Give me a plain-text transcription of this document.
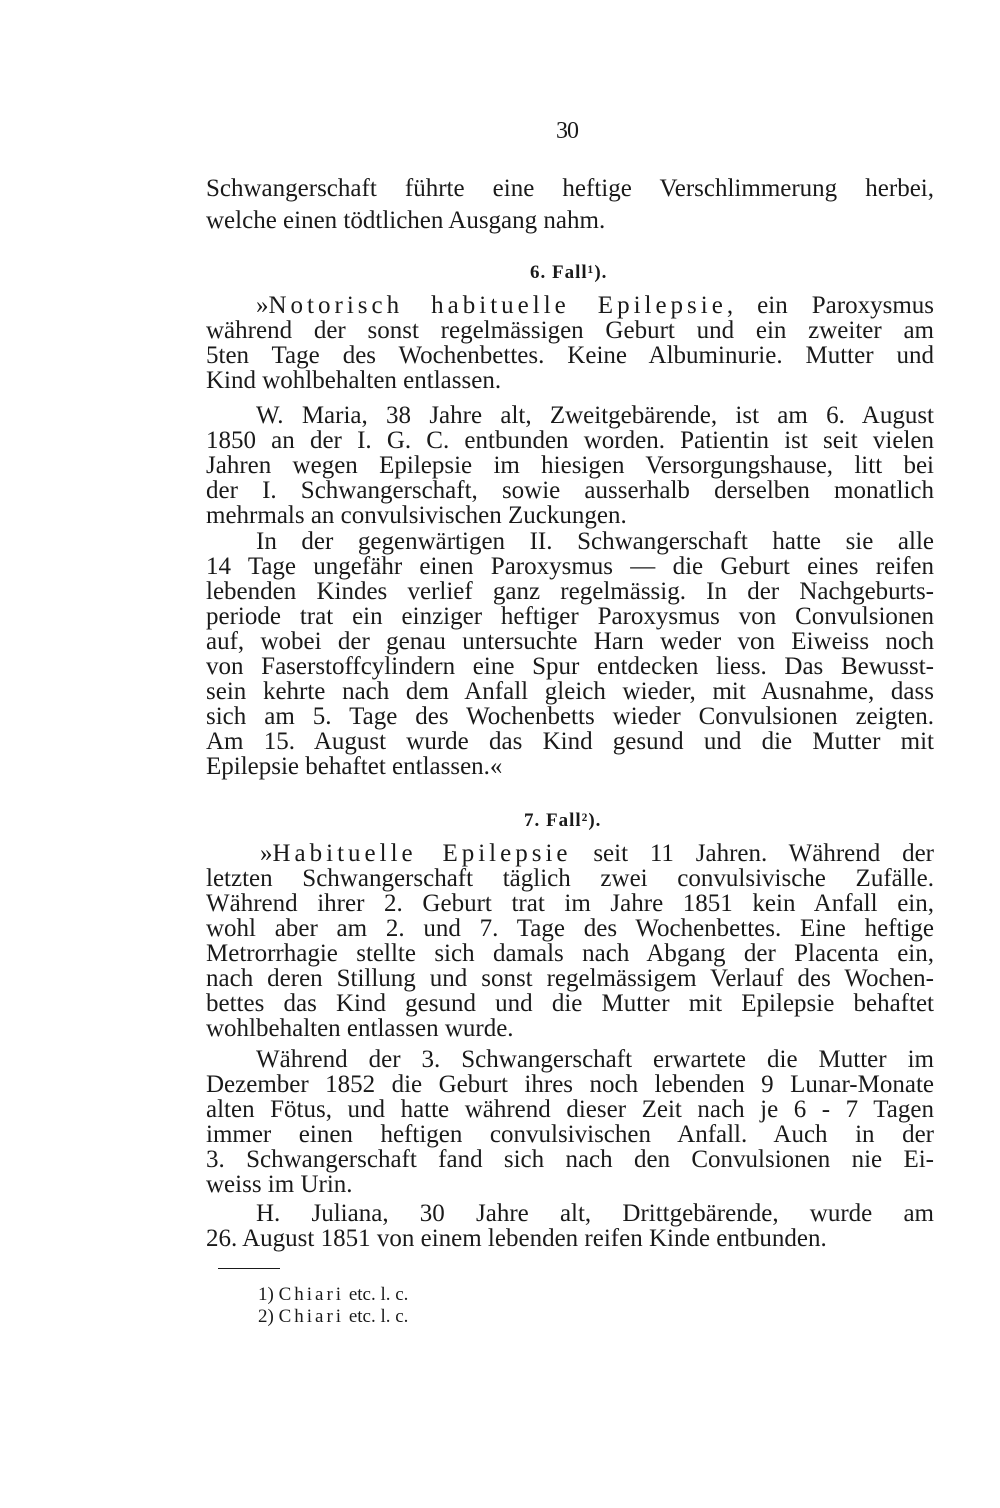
30
Schwangerschaft führte eine heftige Verschlimmerung herbei,
welche einen tödtlichen Ausgang nahm.
6. Fall¹).
»Notorisch habituelle Epilepsie, ein Paroxysmus
während der sonst regelmässigen Geburt und ein zweiter am
5ten Tage des Wochenbettes. Keine Albuminurie. Mutter und
Kind wohlbehalten entlassen.
W. Maria, 38 Jahre alt, Zweitgebärende, ist am 6. August
1850 an der I. G. C. entbunden worden. Patientin ist seit vielen
Jahren wegen Epilepsie im hiesigen Versorgungshause, litt bei
der I. Schwangerschaft, sowie ausserhalb derselben monatlich
mehrmals an convulsivischen Zuckungen.
In der gegenwärtigen II. Schwangerschaft hatte sie alle
14 Tage ungefähr einen Paroxysmus — die Geburt eines reifen
lebenden Kindes verlief ganz regelmässig. In der Nachgeburts-
periode trat ein einziger heftiger Paroxysmus von Convulsionen
auf, wobei der genau untersuchte Harn weder von Eiweiss noch
von Faserstoffcylindern eine Spur entdecken liess. Das Bewusst-
sein kehrte nach dem Anfall gleich wieder, mit Ausnahme, dass
sich am 5. Tage des Wochenbetts wieder Convulsionen zeigten.
Am 15. August wurde das Kind gesund und die Mutter mit
Epilepsie behaftet entlassen.«
7. Fall²).
»Habituelle Epilepsie seit 11 Jahren. Während der
letzten Schwangerschaft täglich zwei convulsivische Zufälle.
Während ihrer 2. Geburt trat im Jahre 1851 kein Anfall ein,
wohl aber am 2. und 7. Tage des Wochenbettes. Eine heftige
Metrorrhagie stellte sich damals nach Abgang der Placenta ein,
nach deren Stillung und sonst regelmässigem Verlauf des Wochen-
bettes das Kind gesund und die Mutter mit Epilepsie behaftet
wohlbehalten entlassen wurde.
Während der 3. Schwangerschaft erwartete die Mutter im
Dezember 1852 die Geburt ihres noch lebenden 9 Lunar-Monate
alten Fötus, und hatte während dieser Zeit nach je 6 - 7 Tagen
immer einen heftigen convulsivischen Anfall. Auch in der
3. Schwangerschaft fand sich nach den Convulsionen nie Ei-
weiss im Urin.
H. Juliana, 30 Jahre alt, Drittgebärende, wurde am
26. August 1851 von einem lebenden reifen Kinde entbunden.
1) Chiari etc. l. c.
2) Chiari etc. l. c.
